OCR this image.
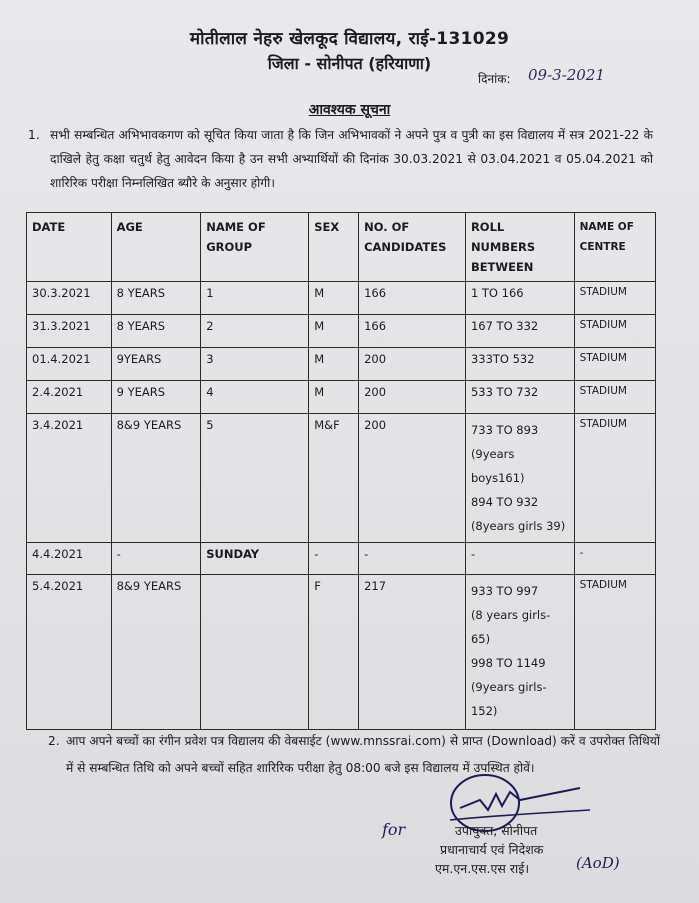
मोतीलाल नेहरु खेलकूद विद्यालय, राई-131029
जिला - सोनीपत (हरियाणा)
दिनांक: 09-3-2021
आवश्यक सूचना
1. सभी सम्बन्धित अभिभावकगण को सूचित किया जाता है कि जिन अभिभावकों ने अपने पुत्र व पुत्री का इस विद्यालय में सत्र 2021-22 के दाखिले हेतु कक्षा चतुर्थ हेतु आवेदन किया है उन सभी अभ्यार्थियों की दिनांक 30.03.2021 से 03.04.2021 व 05.04.2021 को शारिरिक परीक्षा निम्नलिखित ब्यौरे के अनुसार होगी।
DATE	AGE	NAME OF GROUP	SEX	NO. OF CANDIDATES	ROLL NUMBERS BETWEEN	NAME OF CENTRE
30.3.2021	8 YEARS	1	M	166	1 TO 166	STADIUM
31.3.2021	8 YEARS	2	M	166	167 TO 332	STADIUM
01.4.2021	9YEARS	3	M	200	333TO 532	STADIUM
2.4.2021	9 YEARS	4	M	200	533 TO 732	STADIUM
3.4.2021	8&9 YEARS	5	M&F	200	733 TO 893
(9years boys161)
894 TO 932
(8years girls 39)	STADIUM
4.4.2021	-	SUNDAY	-	-	-	-
5.4.2021	8&9 YEARS		F	217	933 TO 997
(8 years girls-65)
998 TO 1149
(9years girls-152)	STADIUM
2. आप अपने बच्चों का रंगीन प्रवेश पत्र विद्यालय की वेबसाईट (www.mnssrai.com) से प्राप्त (Download) करें व उपरोक्त तिथियों में से सम्बन्धित तिथि को अपने बच्चों सहित शारिरिक परीक्षा हेतु 08:00 बजे इस विद्यालय में उपस्थित होवें।
for	उपायुक्त, सोनीपत
प्रधानाचार्य एवं निदेशक
एम.एन.एस.एस राई।	(AoD)
